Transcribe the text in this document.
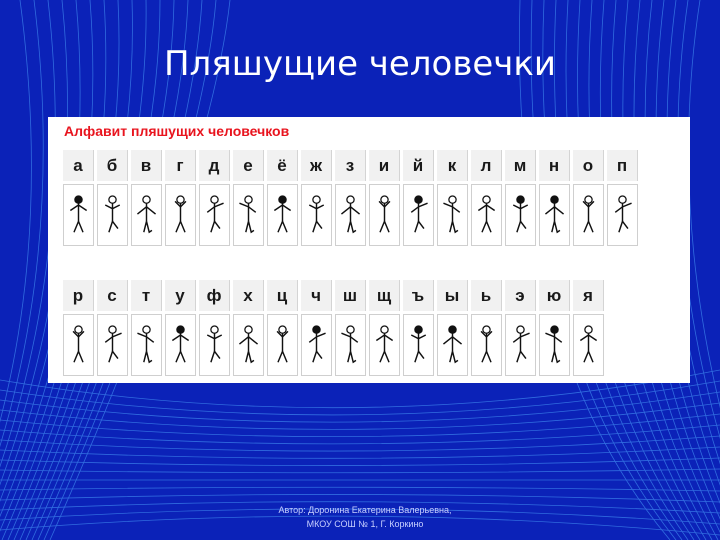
Пляшущие человечки
Алфавит пляшущих человечков
а	б	в	г	д	е	ё	ж	з	и	й	к	л	м	н	о	п
р	с	т	у	ф	х	ц	ч	ш	щ	ъ	ы	ь	э	ю	я
Автор: Доронина Екатерина Валерьевна,
МКОУ СОШ № 1, Г. Коркино
